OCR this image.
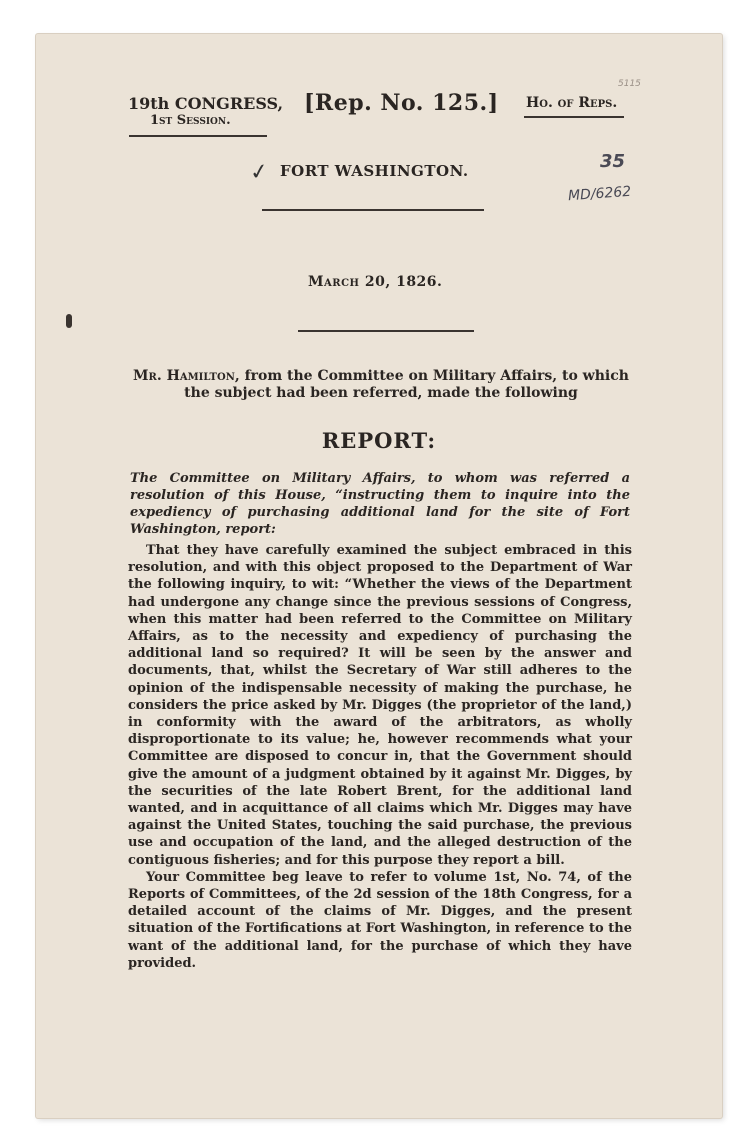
19th CONGRESS,
1st Session.
[Rep. No. 125.] Ho. of Reps.
5115
35
MD/6262
✓ FORT WASHINGTON.
March 20, 1826.
Mr. Hamilton, from the Committee on Military Affairs, to which the subject had been referred, made the following
REPORT:
The Committee on Military Affairs, to whom was referred a resolution of this House, “instructing them to inquire into the expediency of purchasing additional land for the site of Fort Washington, report:

That they have carefully examined the subject embraced in this resolution, and with this object proposed to the Department of War the following inquiry, to wit: “Whether the views of the Department had undergone any change since the previous sessions of Congress, when this matter had been referred to the Committee on Military Affairs, as to the necessity and expediency of purchasing the additional land so required? It will be seen by the answer and documents, that, whilst the Secretary of War still adheres to the opinion of the indispensable necessity of making the purchase, he considers the price asked by Mr. Digges (the proprietor of the land,) in conformity with the award of the arbitrators, as wholly disproportionate to its value; he, however recommends what your Committee are disposed to concur in, that the Government should give the amount of a judgment obtained by it against Mr. Digges, by the securities of the late Robert Brent, for the additional land wanted, and in acquittance of all claims which Mr. Digges may have against the United States, touching the said purchase, the previous use and occupation of the land, and the alleged destruction of the contiguous fisheries; and for this purpose they report a bill.

Your Committee beg leave to refer to volume 1st, No. 74, of the Reports of Committees, of the 2d session of the 18th Congress, for a detailed account of the claims of Mr. Digges, and the present situation of the Fortifications at Fort Washington, in reference to the want of the additional land, for the purchase of which they have provided.
